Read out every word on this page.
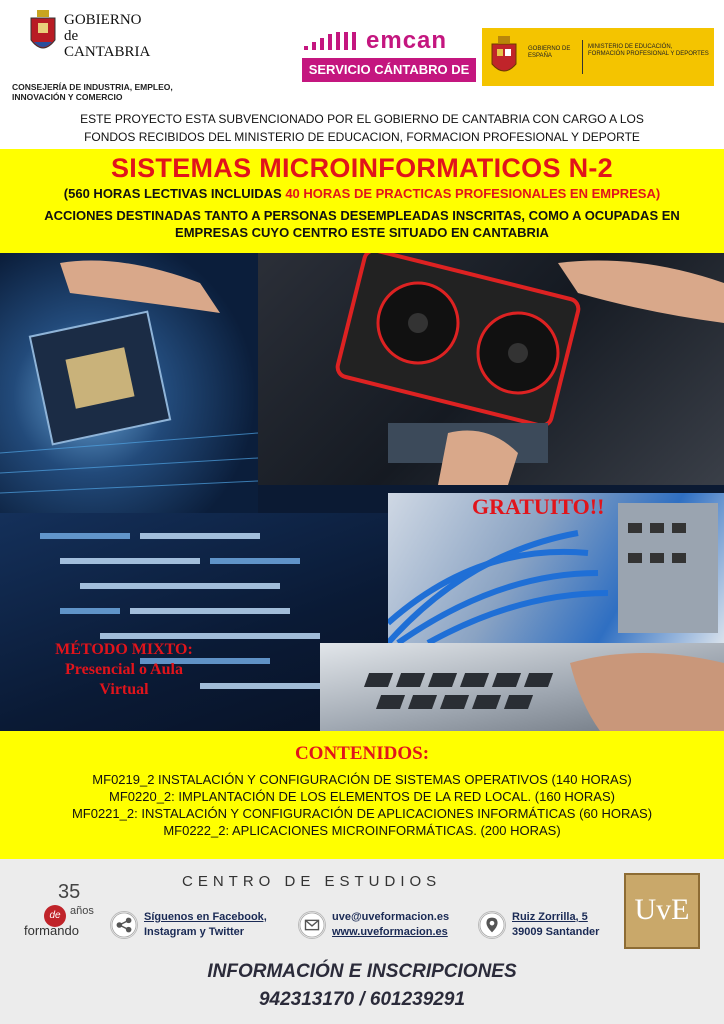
GOBIERNO
de
CANTABRIA
CONSEJERÍA DE INDUSTRIA, EMPLEO, INNOVACIÓN Y COMERCIO
emcan
SERVICIO CÁNTABRO DE EMPLEO
GOBIERNO DE ESPAÑA
MINISTERIO DE EDUCACIÓN, FORMACIÓN PROFESIONAL Y DEPORTES
ESTE PROYECTO ESTA SUBVENCIONADO POR EL GOBIERNO DE CANTABRIA CON CARGO A LOS
FONDOS RECIBIDOS DEL MINISTERIO DE EDUCACION, FORMACION PROFESIONAL Y DEPORTE
SISTEMAS MICROINFORMATICOS N-2
(560 HORAS LECTIVAS INCLUIDAS 40 HORAS DE PRACTICAS PROFESIONALES EN EMPRESA)
ACCIONES DESTINADAS TANTO A PERSONAS DESEMPLEADAS INSCRITAS, COMO A OCUPADAS EN
EMPRESAS CUYO CENTRO ESTE SITUADO EN CANTABRIA
GRATUITO!!
MÉTODO MIXTO:
Presencial o Aula
Virtual
CONTENIDOS:
MF0219_2 INSTALACIÓN Y CONFIGURACIÓN DE SISTEMAS OPERATIVOS (140 HORAS)
MF0220_2: IMPLANTACIÓN DE LOS ELEMENTOS DE LA RED LOCAL. (160 HORAS)
MF0221_2: INSTALACIÓN Y CONFIGURACIÓN DE APLICACIONES INFORMÁTICAS (60 HORAS)
MF0222_2: APLICACIONES MICROINFORMÁTICAS. (200 HORAS)
35
de años
formando
CENTRO DE ESTUDIOS
Síguenos en Facebook,
Instagram y Twitter
uve@uveformacion.es
www.uveformacion.es
Ruiz Zorrilla, 5
39009 Santander
UvE
INFORMACIÓN E INSCRIPCIONES
942313170 / 601239291
